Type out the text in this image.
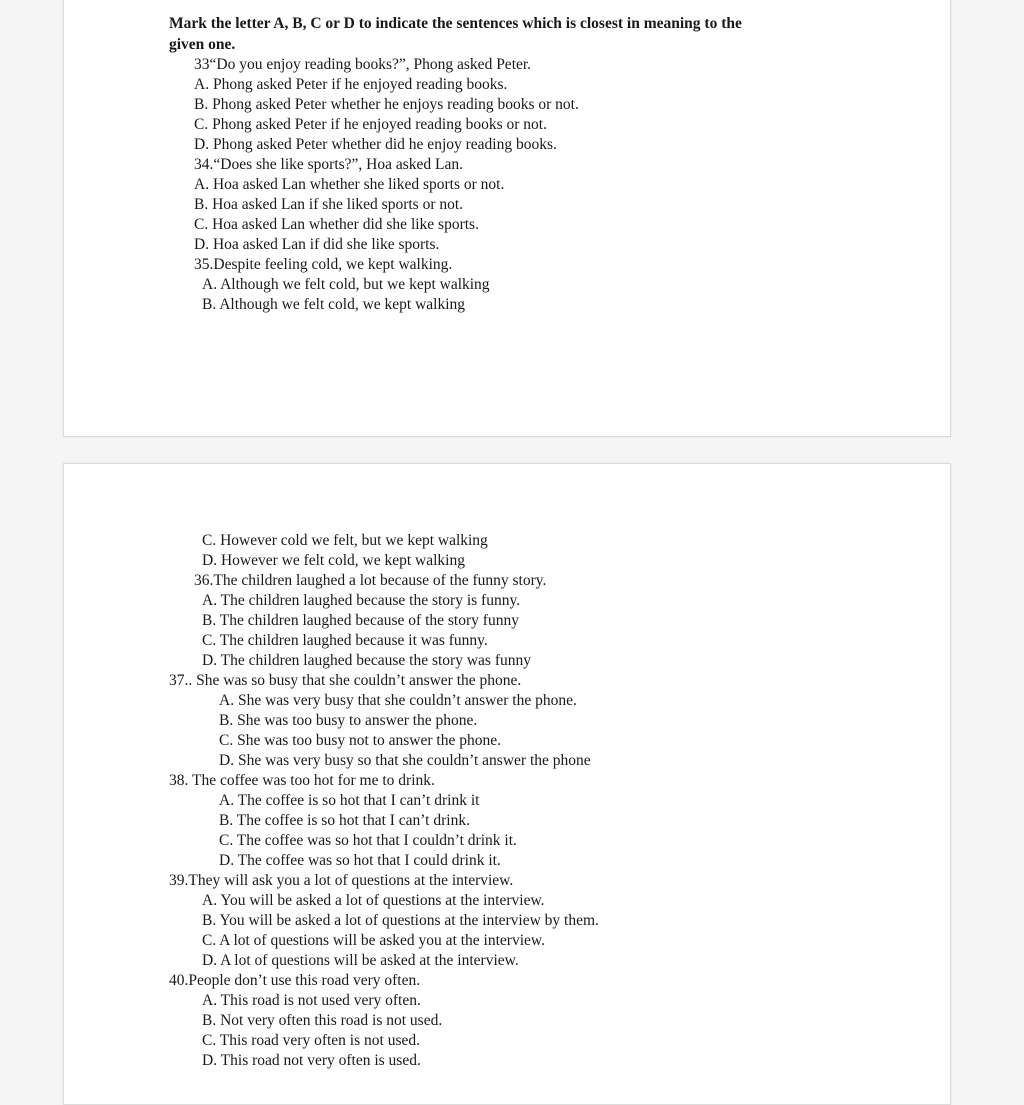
Mark the letter A, B, C or D to indicate the sentences which is closest in meaning to the
given one.
33“Do you enjoy reading books?”, Phong asked Peter.
A. Phong asked Peter if he enjoyed reading books.
B. Phong asked Peter whether he enjoys reading books or not.
C. Phong asked Peter if he enjoyed reading books or not.
D. Phong asked Peter whether did he enjoy reading books.
34.“Does she like sports?”, Hoa asked Lan.
A. Hoa asked Lan whether she liked sports or not.
B. Hoa asked Lan if she liked sports or not.
C. Hoa asked Lan whether did she like sports.
D. Hoa asked Lan if did she like sports.
35.Despite feeling cold, we kept walking.
A. Although we felt cold, but we kept walking
B. Although we felt cold, we kept walking
C. However cold we felt, but we kept walking
D. However we felt cold, we kept walking
36.The children laughed a lot because of the funny story.
A. The children laughed because the story is funny.
B. The children laughed because of the story funny
C. The children laughed because it was funny.
D. The children laughed because the story was funny
37.. She was so busy that she couldn’t answer the phone.
A. She was very busy that she couldn’t answer the phone.
B. She was too busy to answer the phone.
C. She was too busy not to answer the phone.
D. She was very busy so that she couldn’t answer the phone
38. The coffee was too hot for me to drink.
A. The coffee is so hot that I can’t drink it
B. The coffee is so hot that I can’t drink.
C. The coffee was so hot that I couldn’t drink it.
D. The coffee was so hot that I could drink it.
39.They will ask you a lot of questions at the interview.
A. You will be asked a lot of questions at the interview.
B. You will be asked a lot of questions at the interview by them.
C. A lot of questions will be asked you at the interview.
D. A lot of questions will be asked at the interview.
40.People don’t use this road very often.
A. This road is not used very often.
B. Not very often this road is not used.
C. This road very often is not used.
D. This road not very often is used.
